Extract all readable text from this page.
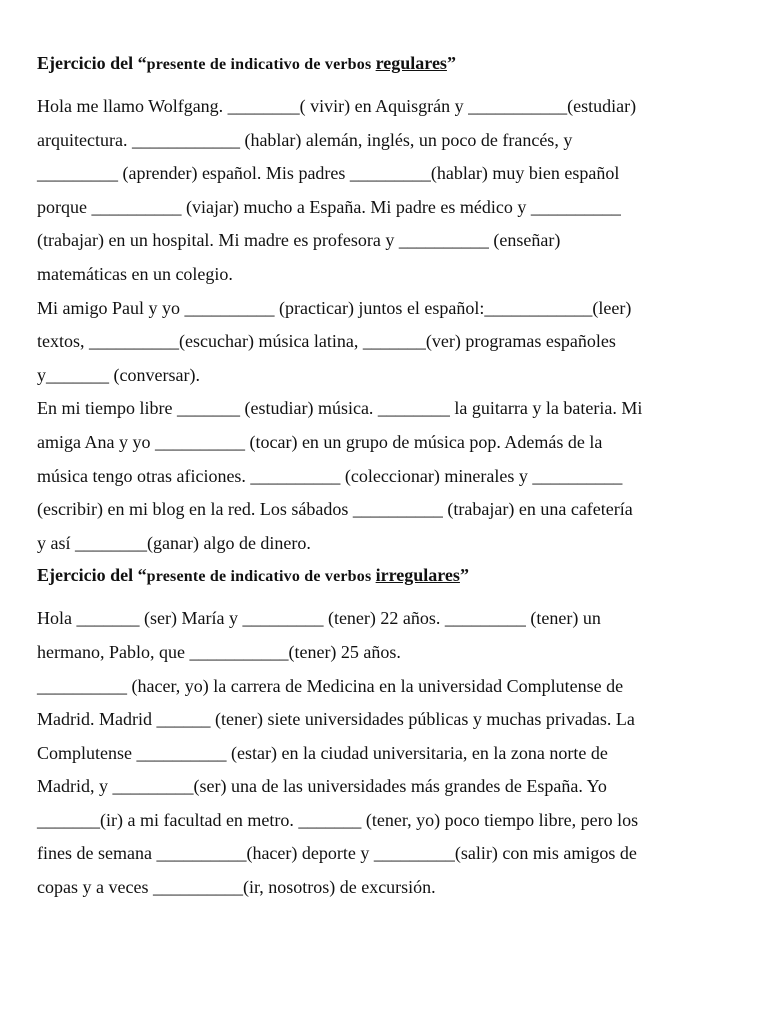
Ejercicio del “presente de indicativo de verbos regulares”

Hola me llamo Wolfgang. ________( vivir) en Aquisgrán y ___________(estudiar)

arquitectura. ____________ (hablar) alemán, inglés, un poco de francés, y

_________ (aprender) español. Mis padres _________(hablar) muy bien español

porque __________ (viajar) mucho a España. Mi padre es médico y __________

(trabajar) en un hospital. Mi madre es profesora y __________ (enseñar)

matemáticas en un colegio.

Mi amigo Paul y yo __________ (practicar) juntos el español:____________(leer)

textos, __________(escuchar) música latina, _______(ver) programas españoles

y_______ (conversar).

En mi tiempo libre _______ (estudiar) música. ________ la guitarra y la bateria. Mi

amiga Ana y yo __________ (tocar) en un grupo de música pop. Además de la

música tengo otras aficiones. __________ (coleccionar) minerales y __________

(escribir) en mi blog en la red. Los sábados __________ (trabajar) en una cafetería

y así ________(ganar) algo de dinero.

Ejercicio del “presente de indicativo de verbos irregulares”

Hola _______ (ser) María y _________ (tener) 22 años. _________ (tener) un

hermano, Pablo, que ___________(tener) 25 años.

__________ (hacer, yo) la carrera de Medicina en la universidad Complutense de

Madrid. Madrid ______ (tener) siete universidades públicas y muchas privadas. La

Complutense __________ (estar) en la ciudad universitaria, en la zona norte de

Madrid, y _________(ser) una de las universidades más grandes de España. Yo

_______(ir) a mi facultad en metro. _______ (tener, yo) poco tiempo libre, pero los

fines de semana __________(hacer) deporte y _________(salir) con mis amigos de

copas y a veces __________(ir, nosotros) de excursión.
